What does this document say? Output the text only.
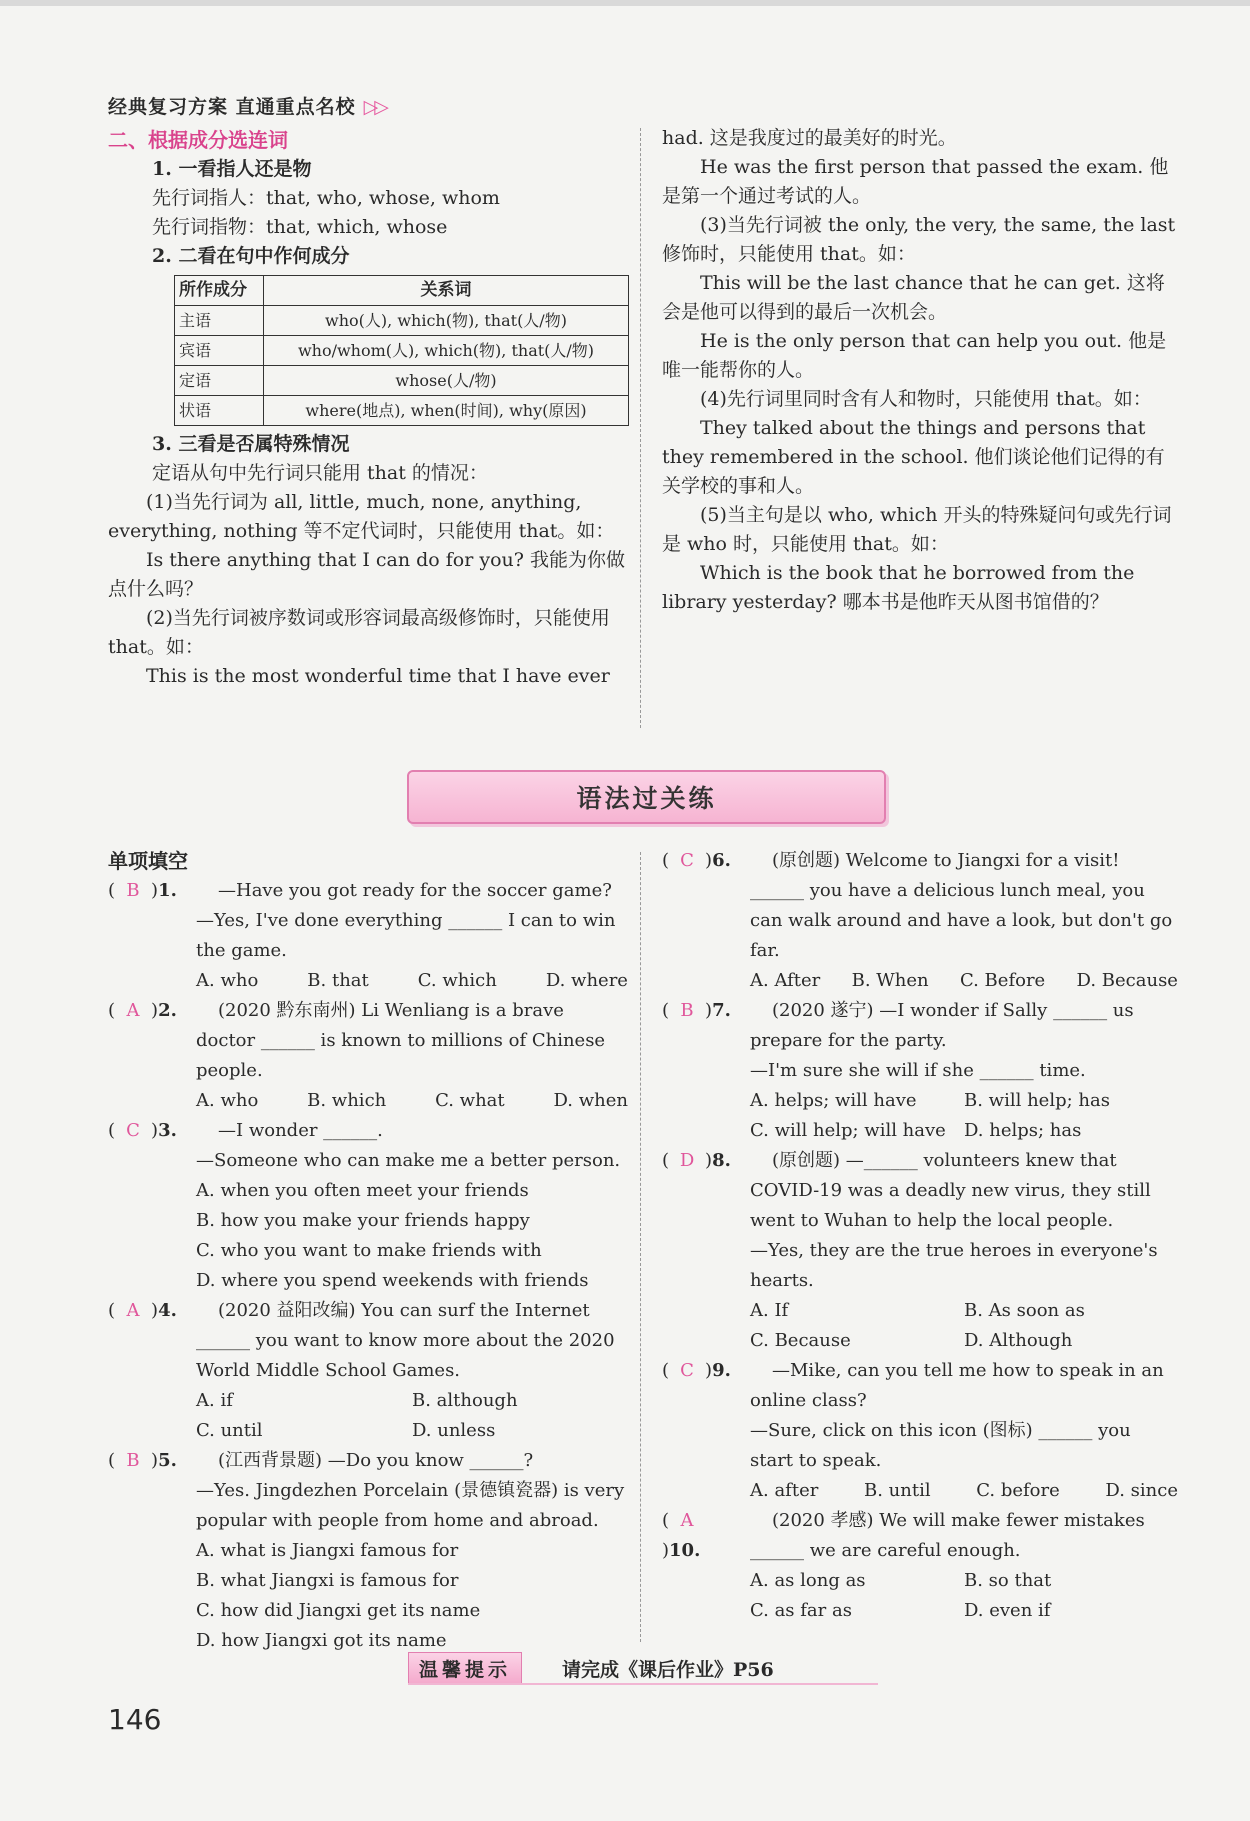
经典复习方案 直通重点名校 ▷▷

二、根据成分选连词

1. 一看指人还是物

先行词指人：that, who, whose, whom

先行词指物：that, which, whose

2. 二看在句中作何成分

所作成分	关系词
主语	who(人), which(物), that(人/物)
宾语	who/whom(人), which(物), that(人/物)
定语	whose(人/物)
状语	where(地点), when(时间), why(原因)

3. 三看是否属特殊情况

定语从句中先行词只能用 that 的情况：

(1)当先行词为 all, little, much, none, anything, everything, nothing 等不定代词时，只能使用 that。如：

Is there anything that I can do for you? 我能为你做点什么吗？

(2)当先行词被序数词或形容词最高级修饰时，只能使用 that。如：

This is the most wonderful time that I have ever

had. 这是我度过的最美好的时光。

He was the first person that passed the exam. 他是第一个通过考试的人。

(3)当先行词被 the only, the very, the same, the last 修饰时，只能使用 that。如：

This will be the last chance that he can get. 这将会是他可以得到的最后一次机会。

He is the only person that can help you out. 他是唯一能帮你的人。

(4)先行词里同时含有人和物时，只能使用 that。如：

They talked about the things and persons that they remembered in the school. 他们谈论他们记得的有关学校的事和人。

(5)当主句是以 who, which 开头的特殊疑问句或先行词是 who 时，只能使用 that。如：

Which is the book that he borrowed from the library yesterday? 哪本书是他昨天从图书馆借的？

语法过关练

单项填空

( B )1.	—Have you got ready for the soccer game?

—Yes, I've done everything ______ I can to win the game.

A. who	B. that	C. which	D. where
( A )2.	(2020 黔东南州) Li Wenliang is a brave doctor ______ is known to millions of Chinese people.

A. who	B. which	C. what	D. when
( C )3.	—I wonder ______.

—Someone who can make me a better person.

A. when you often meet your friends

B. how you make your friends happy

C. who you want to make friends with

D. where you spend weekends with friends

( A )4.	(2020 益阳改编) You can surf the Internet ______ you want to know more about the 2020 World Middle School Games.

A. if	B. although
C. until	D. unless
( B )5.	(江西背景题) —Do you know ______?

—Yes. Jingdezhen Porcelain (景德镇瓷器) is very popular with people from home and abroad.

A. what is Jiangxi famous for

B. what Jiangxi is famous for

C. how did Jiangxi get its name

D. how Jiangxi got its name

( C )6.	(原创题) Welcome to Jiangxi for a visit! ______ you have a delicious lunch meal, you can walk around and have a look, but don't go far.

A. After B. When C. Before D. Because
( B )7.	(2020 遂宁) —I wonder if Sally ______ us prepare for the party.

—I'm sure she will if she ______ time.

A. helps; will have	B. will help; has
C. will help; will have	D. helps; has
( D )8.	(原创题) —______ volunteers knew that COVID-19 was a deadly new virus, they still went to Wuhan to help the local people.

—Yes, they are the true heroes in everyone's hearts.

A. If	B. As soon as
C. Because	D. Although
( C )9.	—Mike, can you tell me how to speak in an online class?

—Sure, click on this icon (图标) ______ you start to speak.

A. after	B. until	C. before	D. since
( A)10.

(2020 孝感) We will make fewer mistakes ______ we are careful enough.

A. as long as	B. so that
C. as far as	D. even if
温馨提示	请完成《课后作业》P56
146
